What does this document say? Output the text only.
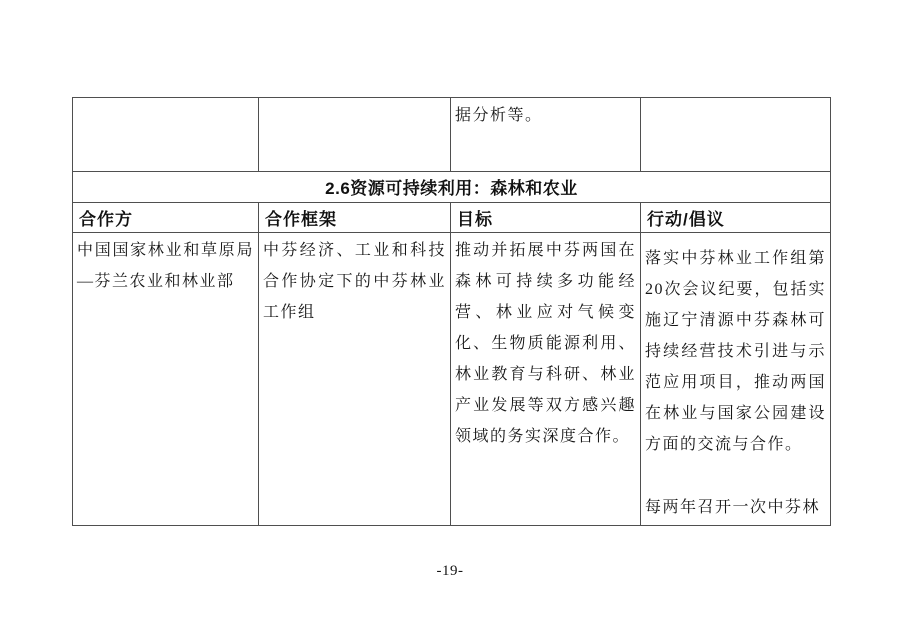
		据分析等。	

2.6资源可持续利用：森林和农业			
合作方	合作框架	目标	行动/倡议

中国国家林业和草原局—芬兰农业和林业部	中芬经济、工业和科技合作协定下的中芬林业工作组	推动并拓展中芬两国在森林可持续多功能经营、林业应对气候变化、生物质能源利用、林业教育与科研、林业产业发展等双方感兴趣领域的务实深度合作。	落实中芬林业工作组第20次会议纪要，包括实施辽宁清源中芬森林可持续经营技术引进与示范应用项目，推动两国在林业与国家公园建设方面的交流与合作。

每两年召开一次中芬林

-19-
